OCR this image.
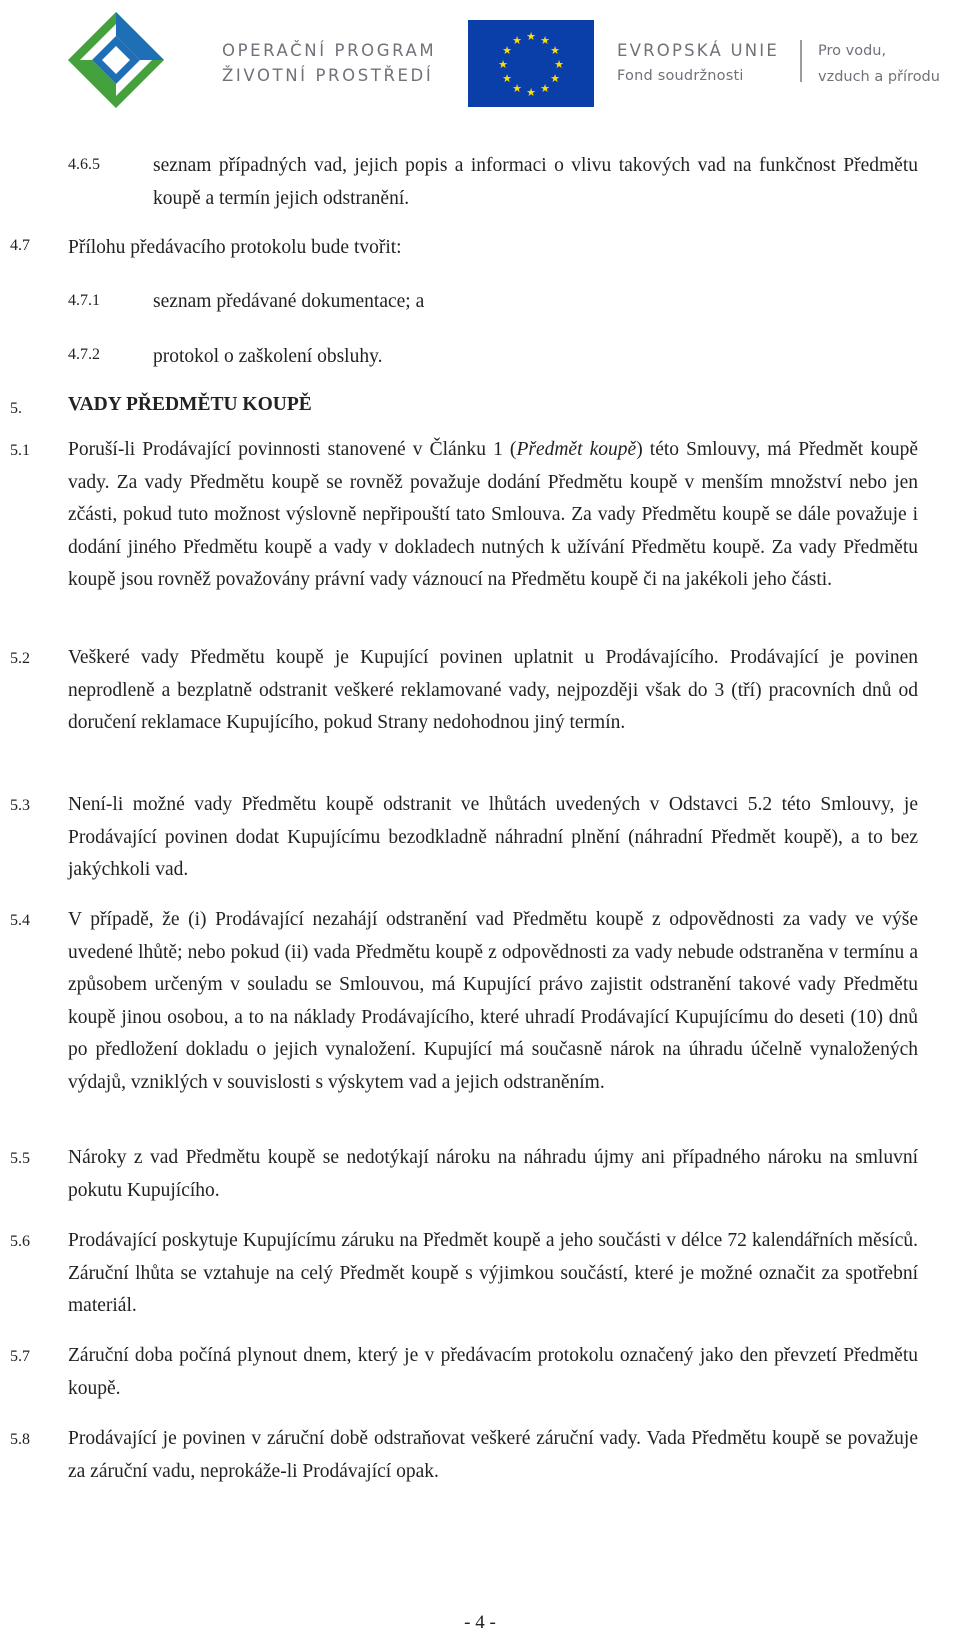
OPERAČNÍ PROGRAM
ŽIVOTNÍ PROSTŘEDÍ
★ ★
★
★
★
★
★
★
★
★
★
★
EVROPSKÁ UNIE
Fond soudržnosti
Pro vodu,
vzduch a přírodu
4.6.5	seznam případných vad, jejich popis a informaci o vlivu takových vad na funkčnost Předmětu koupě a termín jejich odstranění.
4.7 Přílohu předávacího protokolu bude tvořit:
4.7.1	seznam předávané dokumentace; a
4.7.2	protokol o zaškolení obsluhy.
5. VADY PŘEDMĚTU KOUPĚ
5.1 Poruší-li Prodávající povinnosti stanovené v Článku 1 (Předmět koupě) této Smlouvy, má Předmět koupě vady. Za vady Předmětu koupě se rovněž považuje dodání Předmětu koupě v menším množství nebo jen zčásti, pokud tuto možnost výslovně nepřipouští tato Smlouva. Za vady Předmětu koupě se dále považuje i dodání jiného Předmětu koupě a vady v dokladech nutných k užívání Předmětu koupě. Za vady Předmětu koupě jsou rovněž považovány právní vady váznoucí na Předmětu koupě či na jakékoli jeho části.
5.2 Veškeré vady Předmětu koupě je Kupující povinen uplatnit u Prodávajícího. Prodávající je povinen neprodleně a bezplatně odstranit veškeré reklamované vady, nejpozději však do 3 (tří) pracovních dnů od doručení reklamace Kupujícího, pokud Strany nedohodnou jiný termín.
5.3 Není-li možné vady Předmětu koupě odstranit ve lhůtách uvedených v Odstavci 5.2 této Smlouvy, je Prodávající povinen dodat Kupujícímu bezodkladně náhradní plnění (náhradní Předmět koupě), a to bez jakýchkoli vad.
5.4 V případě, že (i) Prodávající nezahájí odstranění vad Předmětu koupě z odpovědnosti za vady ve výše uvedené lhůtě; nebo pokud (ii) vada Předmětu koupě z odpovědnosti za vady nebude odstraněna v termínu a způsobem určeným v souladu se Smlouvou, má Kupující právo zajistit odstranění takové vady Předmětu koupě jinou osobou, a to na náklady Prodávajícího, které uhradí Prodávající Kupujícímu do deseti (10) dnů po předložení dokladu o jejich vynaložení. Kupující má současně nárok na úhradu účelně vynaložených výdajů, vzniklých v souvislosti s výskytem vad a jejich odstraněním.
5.5 Nároky z vad Předmětu koupě se nedotýkají nároku na náhradu újmy ani případného nároku na smluvní pokutu Kupujícího.
5.6 Prodávající poskytuje Kupujícímu záruku na Předmět koupě a jeho součásti v délce 72 kalendářních měsíců. Záruční lhůta se vztahuje na celý Předmět koupě s výjimkou součástí, které je možné označit za spotřební materiál.
5.7 Záruční doba počíná plynout dnem, který je v předávacím protokolu označený jako den převzetí Předmětu koupě.
5.8 Prodávající je povinen v záruční době odstraňovat veškeré záruční vady. Vada Předmětu koupě se považuje za záruční vadu, neprokáže-li Prodávající opak.
- 4 -
